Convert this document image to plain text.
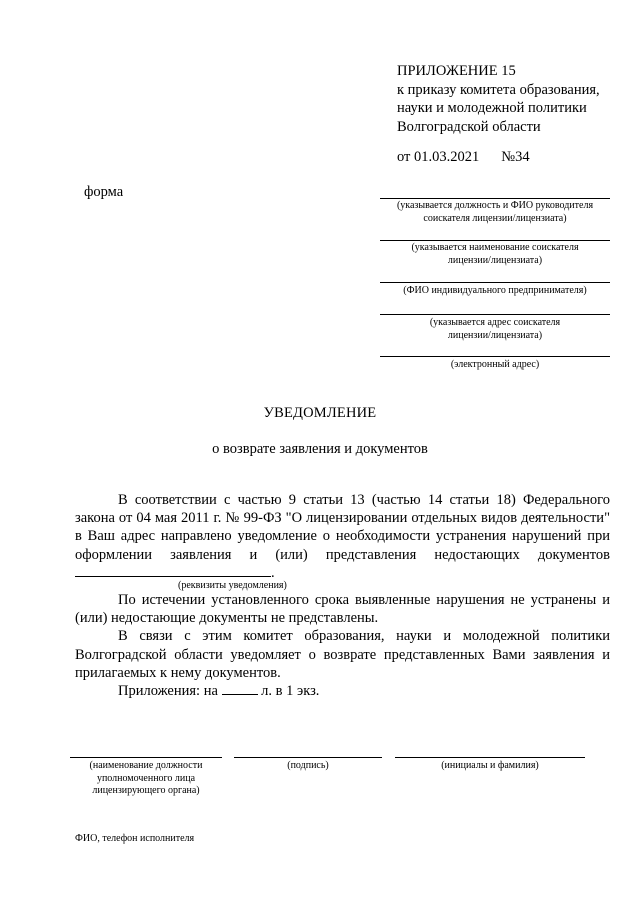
ПРИЛОЖЕНИЕ 15
к приказу комитета образования,
науки и молодежной политики
Волгоградской области
от 01.03.2021 №34
форма
(указывается должность и ФИО руководителя
соискателя лицензии/лицензиата)
(указывается наименование соискателя
лицензии/лицензиата)
(ФИО индивидуального предпринимателя)
(указывается адрес соискателя
лицензии/лицензиата)
(электронный адрес)
УВЕДОМЛЕНИЕ
о возврате заявления и документов

В соответствии с частью 9 статьи 13 (частью 14 статьи 18) Федерального закона от 04 мая 2011 г. № 99-ФЗ "О лицензировании отдельных видов деятельности" в Ваш адрес направлено уведомление о необходимости устранения нарушений при оформлении заявления и (или) представления недостающих документов .
(реквизиты уведомления)

По истечении установленного срока выявленные нарушения не устранены и (или) недостающие документы не представлены.

В связи с этим комитет образования, науки и молодежной политики Волгоградской области уведомляет о возврате представленных Вами заявления и прилагаемых к нему документов.

Приложения: на  л. в 1 экз.

(наименование должности
уполномоченного лица
лицензирующего органа)
(подпись)	(инициалы и фамилия)
ФИО, телефон исполнителя
